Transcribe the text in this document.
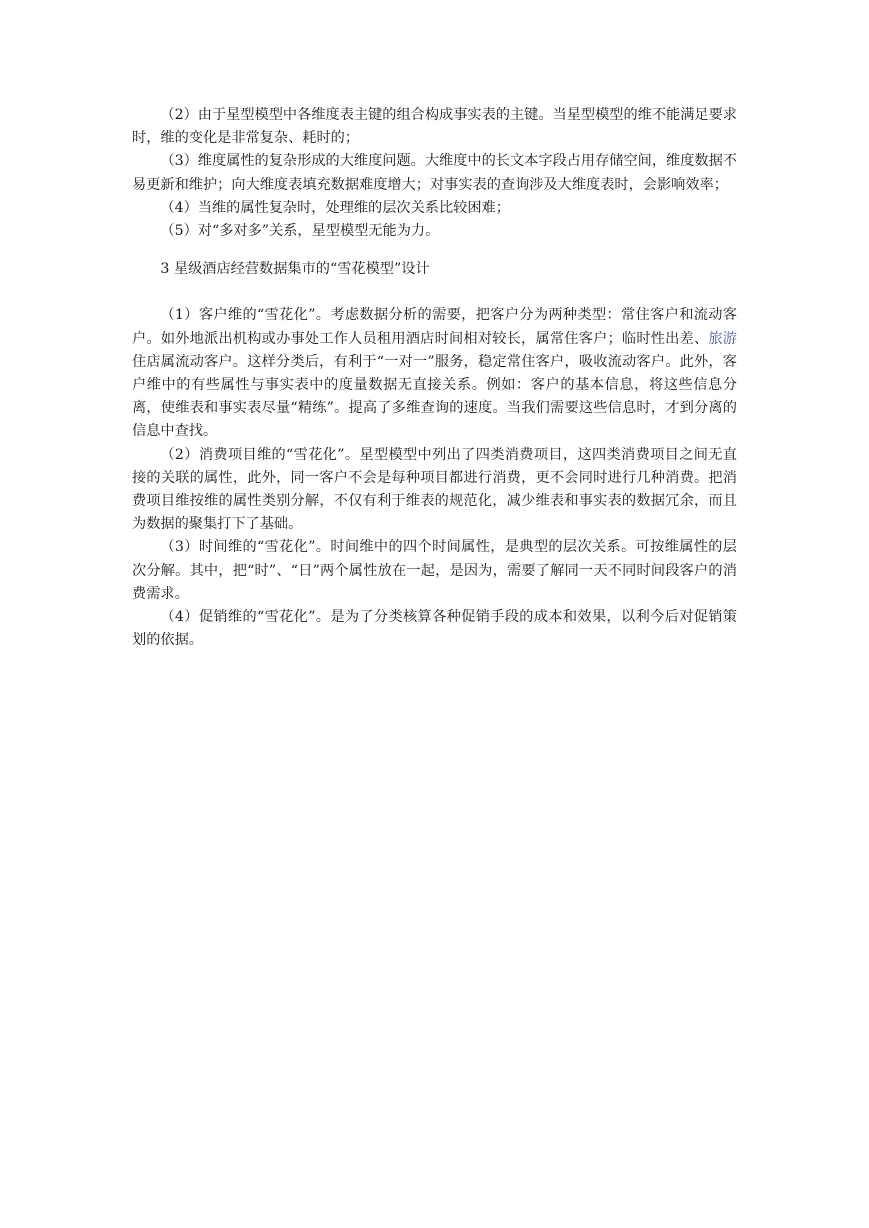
（2）由于星型模型中各维度表主键的组合构成事实表的主键。当星型模型的维不能满足要求时，维的变化是非常复杂、耗时的；

（3）维度属性的复杂形成的大维度问题。大维度中的长文本字段占用存储空间，维度数据不易更新和维护；向大维度表填充数据难度增大；对事实表的查询涉及大维度表时，会影响效率；

（4）当维的属性复杂时，处理维的层次关系比较困难；

（5）对“多对多”关系，星型模型无能为力。

3 星级酒店经营数据集市的“雪花模型”设计

（1）客户维的“雪花化”。考虑数据分析的需要，把客户分为两种类型：常住客户和流动客户。如外地派出机构或办事处工作人员租用酒店时间相对较长，属常住客户；临时性出差、旅游住店属流动客户。这样分类后，有利于“一对一”服务，稳定常住客户，吸收流动客户。此外，客户维中的有些属性与事实表中的度量数据无直接关系。例如：客户的基本信息，将这些信息分离，使维表和事实表尽量“精练”。提高了多维查询的速度。当我们需要这些信息时，才到分离的信息中查找。

（2）消费项目维的“雪花化”。星型模型中列出了四类消费项目，这四类消费项目之间无直接的关联的属性，此外，同一客户不会是每种项目都进行消费，更不会同时进行几种消费。把消费项目维按维的属性类别分解，不仅有利于维表的规范化，减少维表和事实表的数据冗余，而且为数据的聚集打下了基础。

（3）时间维的“雪花化”。时间维中的四个时间属性，是典型的层次关系。可按维属性的层次分解。其中，把“时”、“日”两个属性放在一起，是因为，需要了解同一天不同时间段客户的消费需求。

（4）促销维的“雪花化”。是为了分类核算各种促销手段的成本和效果，以利今后对促销策划的依据。
